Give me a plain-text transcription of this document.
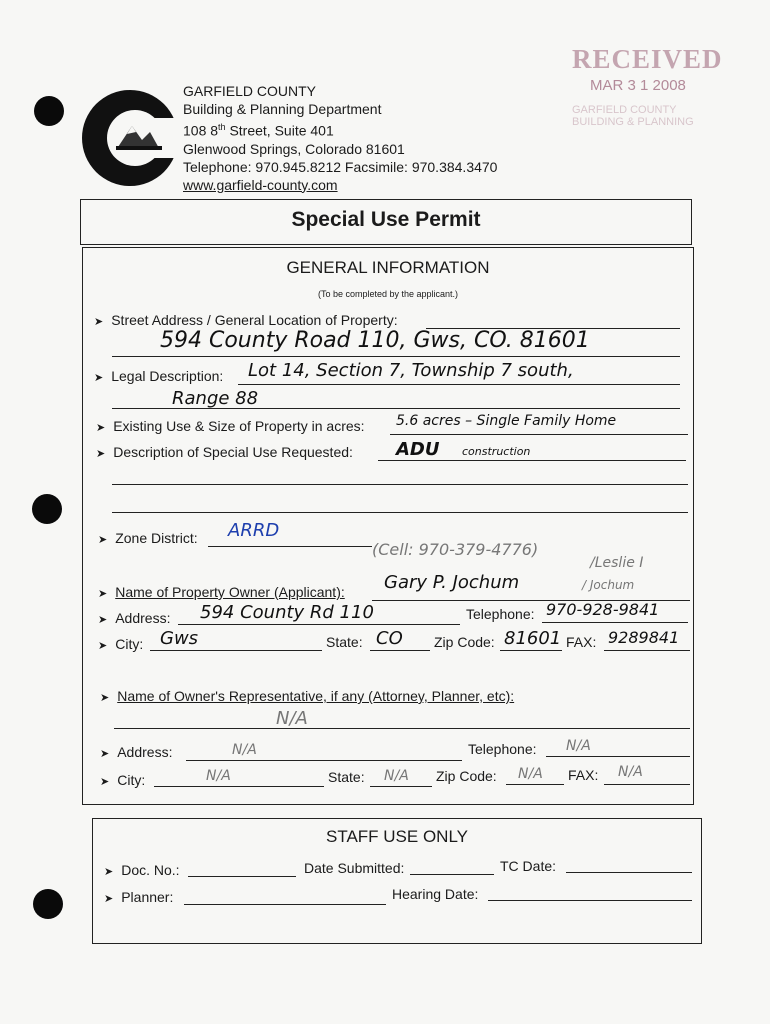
GARFIELD COUNTY
Building & Planning Department
108 8th Street, Suite 401
Glenwood Springs, Colorado 81601
Telephone: 970.945.8212 Facsimile: 970.384.3470
www.garfield-county.com
RECEIVED
MAR 3 1 2008
GARFIELD COUNTY
BUILDING & PLANNING
Special Use Permit
GENERAL INFORMATION
(To be completed by the applicant.)
➤ Street Address / General Location of Property:
594 County Road 110, Gws, CO. 81601
➤ Legal Description: Lot 14, Section 7, Township 7 south,
Range 88
➤ Existing Use & Size of Property in acres: 5.6 acres – Single Family Home
➤ Description of Special Use Requested: ADU construction
➤ Zone District: ARRD
(Cell: 970-379-4776)
/Leslie I
➤ Name of Property Owner (Applicant): Gary P. Jochum	/ Jochum
➤ Address: 594 County Rd 110	Telephone: 970-928-9841
➤ City: Gws	State: CO Zip Code: 81601 FAX: 9289841
➤ Name of Owner's Representative, if any (Attorney, Planner, etc):
N/A
➤ Address:	N/A	Telephone: N/A
➤ City:	N/A	State: N/A Zip Code: N/A FAX: N/A
STAFF USE ONLY
➤ Doc. No.:	Date Submitted:	TC Date:
➤ Planner:	Hearing Date:
